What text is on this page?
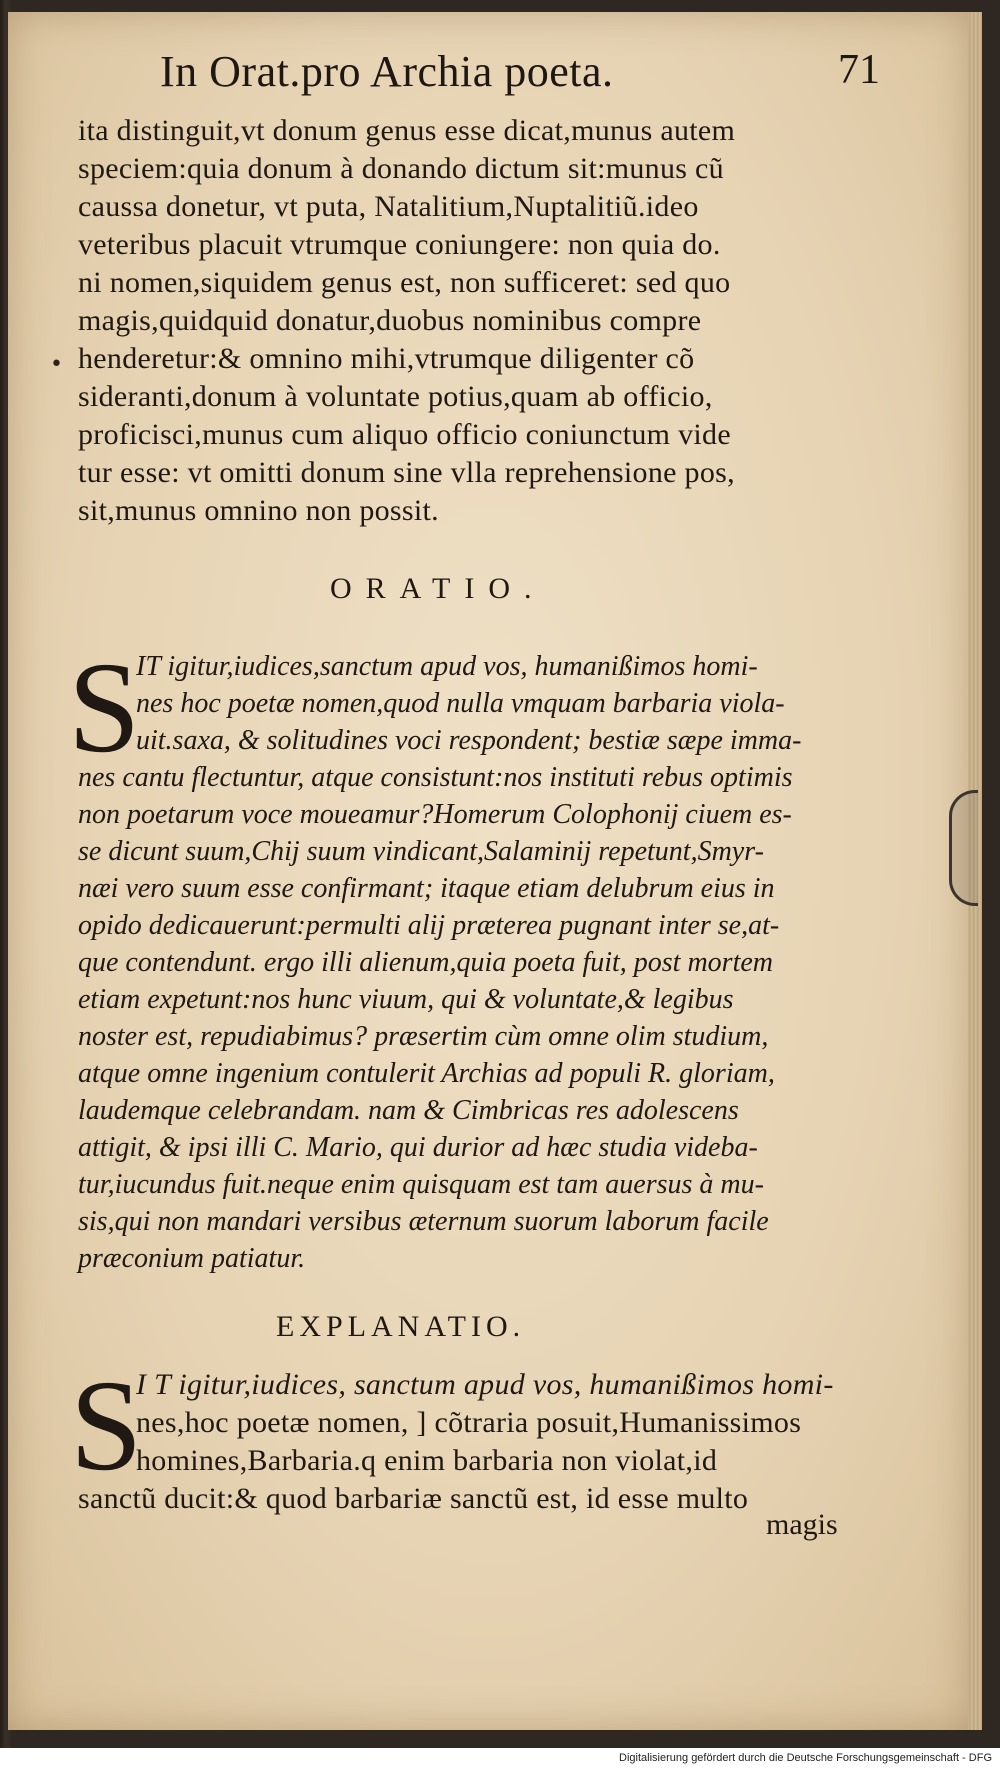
In Orat.pro Archia poeta.	71
•
ita distinguit,vt donum genus esse dicat,munus autem
speciem:quia donum à donando dictum sit:munus cũ
caussa donetur, vt puta, Natalitium,Nuptalitiũ.ideo
veteribus placuit vtrumque coniungere: non quia do.
ni nomen,siquidem genus est, non sufficeret: sed quo
magis,quidquid donatur,duobus nominibus compre
henderetur:& omnino mihi,vtrumque diligenter cõ
sideranti,donum à voluntate potius,quam ab officio,
proficisci,munus cum aliquo officio coniunctum vide
tur esse: vt omitti donum sine vlla reprehensione pos,
sit,munus omnino non possit.
ORATIO.
S
IT igitur,iudices,sanctum apud vos, humanißimos homi-
nes hoc poetæ nomen,quod nulla vmquam barbaria viola-
uit.saxa, & solitudines voci respondent; bestiæ sæpe imma-
nes cantu flectuntur, atque consistunt:nos instituti rebus optimis
non poetarum voce moueamur?Homerum Colophonij ciuem es-
se dicunt suum,Chij suum vindicant,Salaminij repetunt,Smyr-
næi vero suum esse confirmant; itaque etiam delubrum eius in
opido dedicauerunt:permulti alij præterea pugnant inter se,at-
que contendunt. ergo illi alienum,quia poeta fuit, post mortem
etiam expetunt:nos hunc viuum, qui & voluntate,& legibus
noster est, repudiabimus? præsertim cùm omne olim studium,
atque omne ingenium contulerit Archias ad populi R. gloriam,
laudemque celebrandam. nam & Cimbricas res adolescens
attigit, & ipsi illi C. Mario, qui durior ad hæc studia videba-
tur,iucundus fuit.neque enim quisquam est tam auersus à mu-
sis,qui non mandari versibus æternum suorum laborum facile
præconium patiatur.
EXPLANATIO.
S
I T igitur,iudices, sanctum apud vos, humanißimos homi-
nes,hoc poetæ nomen, ] cõtraria posuit,Humanissimos
homines,Barbaria.q enim barbaria non violat,id
sanctũ ducit:& quod barbariæ sanctũ est, id esse multo
magis
Digitalisierung gefördert durch die Deutsche Forschungsgemeinschaft - DFG
